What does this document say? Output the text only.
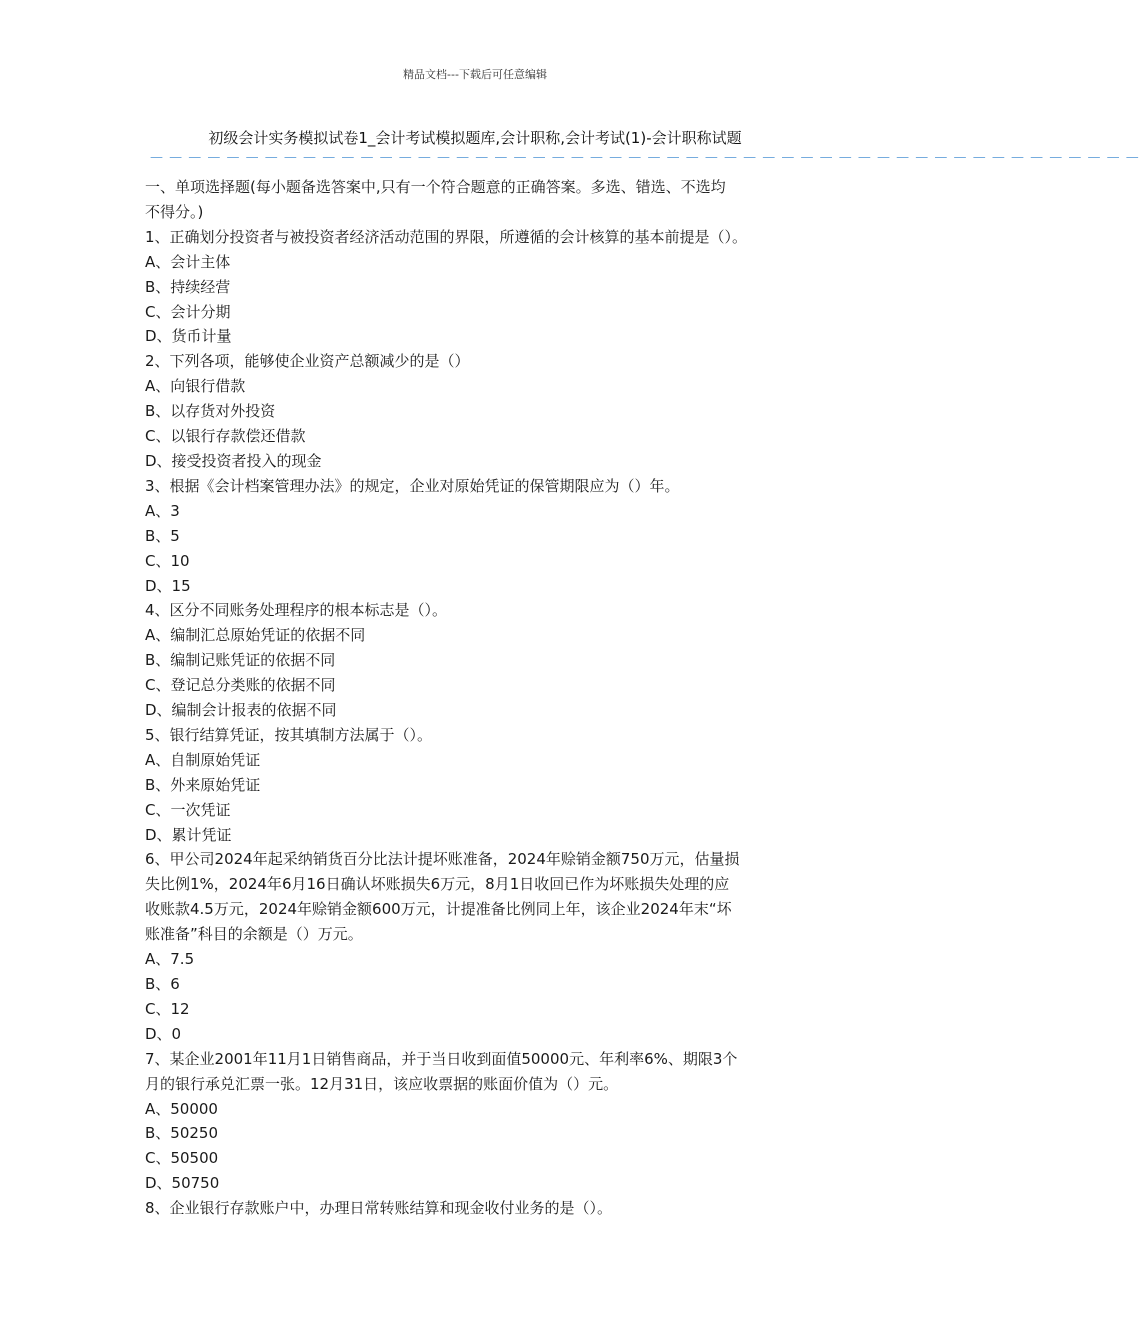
精品文档---下载后可任意编辑
初级会计实务模拟试卷1_会计考试模拟题库,会计职称,会计考试(1)-会计职称试题
— — — — — — — — — — — — — — — — — — — — — — — — — — — — — — — — — — — — — — — — — — — — — — — — — — — —
一、单项选择题(每小题备选答案中,只有一个符合题意的正确答案。多选、错选、不选均
不得分。)
1、正确划分投资者与被投资者经济活动范围的界限，所遵循的会计核算的基本前提是（）。
A、会计主体
B、持续经营
C、会计分期
D、货币计量
2、下列各项，能够使企业资产总额减少的是（）
A、向银行借款
B、以存货对外投资
C、以银行存款偿还借款
D、接受投资者投入的现金
3、根据《会计档案管理办法》的规定，企业对原始凭证的保管期限应为（）年。
A、3
B、5
C、10
D、15
4、区分不同账务处理程序的根本标志是（）。
A、编制汇总原始凭证的依据不同
B、编制记账凭证的依据不同
C、登记总分类账的依据不同
D、编制会计报表的依据不同
5、银行结算凭证，按其填制方法属于（）。
A、自制原始凭证
B、外来原始凭证
C、一次凭证
D、累计凭证
6、甲公司2024年起采纳销货百分比法计提坏账准备，2024年赊销金额750万元，估量损
失比例1%，2024年6月16日确认坏账损失6万元，8月1日收回已作为坏账损失处理的应
收账款4.5万元，2024年赊销金额600万元，计提准备比例同上年，该企业2024年末“坏
账准备”科目的余额是（）万元。
A、7.5
B、6
C、12
D、0
7、某企业2001年11月1日销售商品，并于当日收到面值50000元、年利率6%、期限3个
月的银行承兑汇票一张。12月31日，该应收票据的账面价值为（）元。
A、50000
B、50250
C、50500
D、50750
8、企业银行存款账户中，办理日常转账结算和现金收付业务的是（）。
